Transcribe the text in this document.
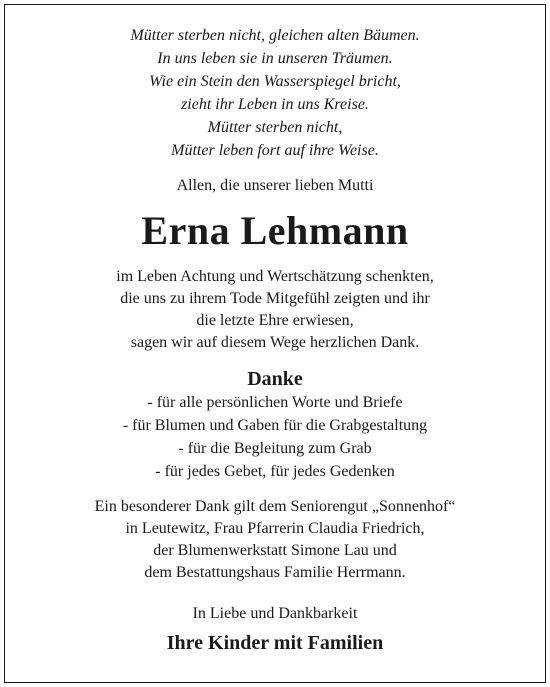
Mütter sterben nicht, gleichen alten Bäumen.
In uns leben sie in unseren Träumen.
Wie ein Stein den Wasserspiegel bricht,
zieht ihr Leben in uns Kreise.
Mütter sterben nicht,
Mütter leben fort auf ihre Weise.
Allen, die unserer lieben Mutti
Erna Lehmann
im Leben Achtung und Wertschätzung schenkten,
die uns zu ihrem Tode Mitgefühl zeigten und ihr
die letzte Ehre erwiesen,
sagen wir auf diesem Wege herzlichen Dank.
Danke
- für alle persönlichen Worte und Briefe
- für Blumen und Gaben für die Grabgestaltung
- für die Begleitung zum Grab
- für jedes Gebet, für jedes Gedenken
Ein besonderer Dank gilt dem Seniorengut „Sonnenhof“
in Leutewitz, Frau Pfarrerin Claudia Friedrich,
der Blumenwerkstatt Simone Lau und
dem Bestattungshaus Familie Herrmann.
In Liebe und Dankbarkeit
Ihre Kinder mit Familien
